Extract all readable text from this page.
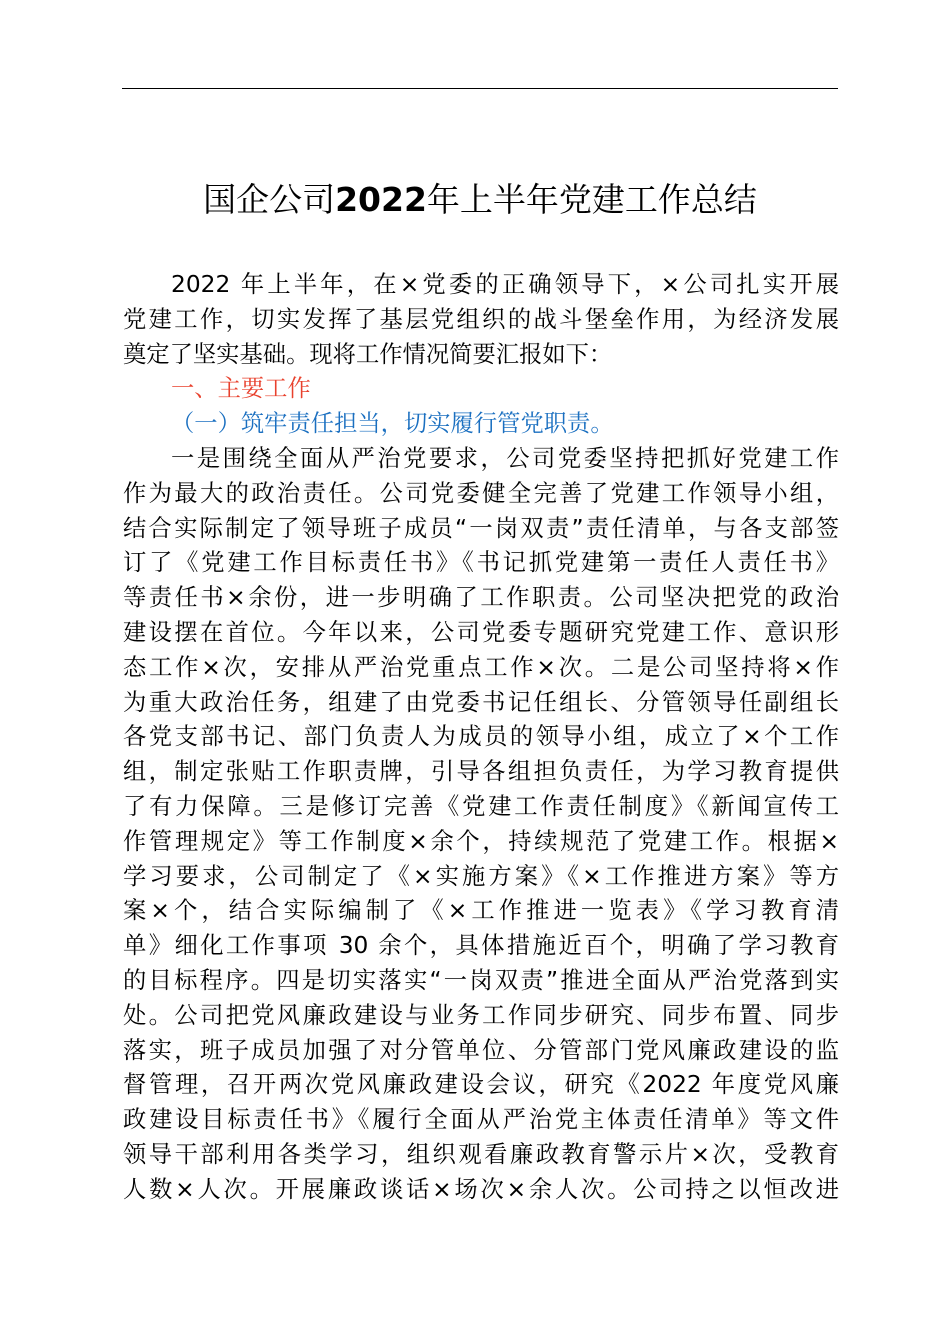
国企公司2022年上半年党建工作总结
2022 年上半年，在×党委的正确领导下，×公司扎实开展
党建工作，切实发挥了基层党组织的战斗堡垒作用，为经济发展
奠定了坚实基础。现将工作情况简要汇报如下：
一、主要工作
（一）筑牢责任担当，切实履行管党职责。
一是围绕全面从严治党要求，公司党委坚持把抓好党建工作
作为最大的政治责任。公司党委健全完善了党建工作领导小组，
结合实际制定了领导班子成员“一岗双责”责任清单，与各支部签
订了《党建工作目标责任书》《书记抓党建第一责任人责任书》
等责任书×余份，进一步明确了工作职责。公司坚决把党的政治
建设摆在首位。今年以来，公司党委专题研究党建工作、意识形
态工作×次，安排从严治党重点工作×次。二是公司坚持将×作
为重大政治任务，组建了由党委书记任组长、分管领导任副组长
各党支部书记、部门负责人为成员的领导小组，成立了×个工作
组，制定张贴工作职责牌，引导各组担负责任，为学习教育提供
了有力保障。三是修订完善《党建工作责任制度》《新闻宣传工
作管理规定》等工作制度×余个，持续规范了党建工作。根据×
学习要求，公司制定了《×实施方案》《×工作推进方案》等方
案×个，结合实际编制了《×工作推进一览表》《学习教育清
单》细化工作事项 30 余个，具体措施近百个，明确了学习教育
的目标程序。四是切实落实“一岗双责”推进全面从严治党落到实
处。公司把党风廉政建设与业务工作同步研究、同步布置、同步
落实，班子成员加强了对分管单位、分管部门党风廉政建设的监
督管理，召开两次党风廉政建设会议，研究《2022 年度党风廉
政建设目标责任书》《履行全面从严治党主体责任清单》等文件
领导干部利用各类学习，组织观看廉政教育警示片×次，受教育
人数×人次。开展廉政谈话×场次×余人次。公司持之以恒改进
